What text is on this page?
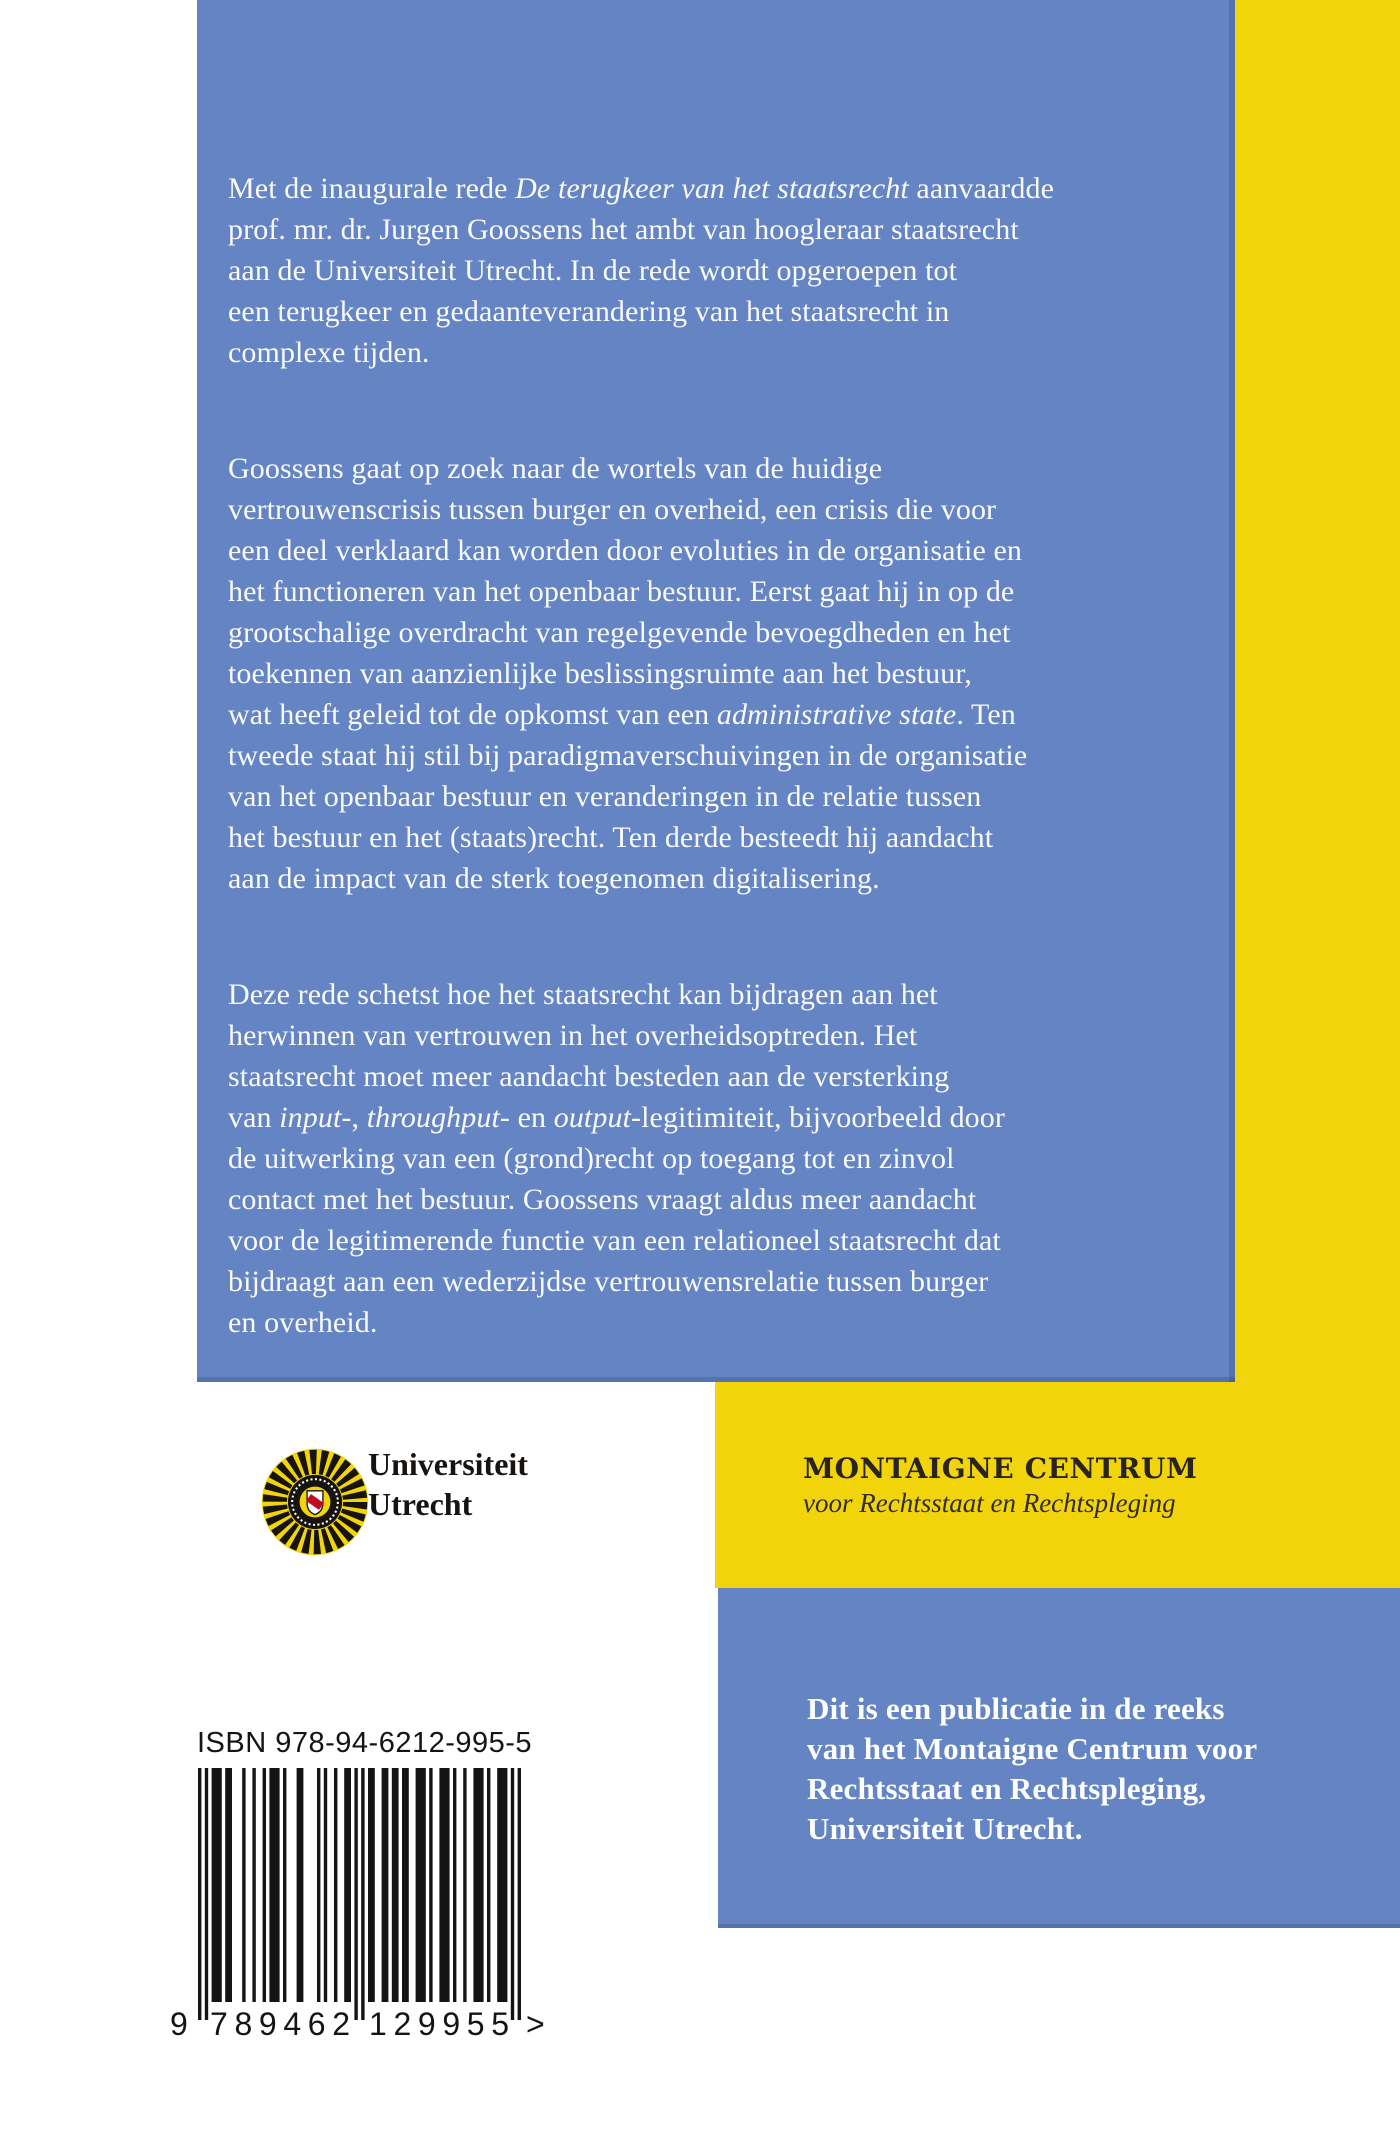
MONTAIGNE CENTRUM
voor Rechtsstaat en Rechtspleging
Met de inaugurale rede De terugkeer van het staatsrecht aanvaardde
prof. mr. dr. Jurgen Goossens het ambt van hoogleraar staatsrecht
aan de Universiteit Utrecht. In de rede wordt opgeroepen tot
een terugkeer en gedaanteverandering van het staatsrecht in
complexe tijden.
Goossens gaat op zoek naar de wortels van de huidige
vertrouwenscrisis tussen burger en overheid, een crisis die voor
een deel verklaard kan worden door evoluties in de organisatie en
het functioneren van het openbaar bestuur. Eerst gaat hij in op de
grootschalige overdracht van regelgevende bevoegdheden en het
toekennen van aanzienlijke beslissingsruimte aan het bestuur,
wat heeft geleid tot de opkomst van een administrative state. Ten
tweede staat hij stil bij paradigmaverschuivingen in de organisatie
van het openbaar bestuur en veranderingen in de relatie tussen
het bestuur en het (staats)recht. Ten derde besteedt hij aandacht
aan de impact van de sterk toegenomen digitalisering.
Deze rede schetst hoe het staatsrecht kan bijdragen aan het
herwinnen van vertrouwen in het overheidsoptreden. Het
staatsrecht moet meer aandacht besteden aan de versterking
van input-, throughput- en output-legitimiteit, bijvoorbeeld door
de uitwerking van een (grond)recht op toegang tot en zinvol
contact met het bestuur. Goossens vraagt aldus meer aandacht
voor de legitimerende functie van een relationeel staatsrecht dat
bijdraagt aan een wederzijdse vertrouwensrelatie tussen burger
en overheid.
Universiteit
Utrecht
Dit is een publicatie in de reeks
van het Montaigne Centrum voor
Rechtsstaat en Rechtspleging,
Universiteit Utrecht.
ISBN 978-94-6212-995-5
9 7 8 9 4 6 2 1 2 9 9 5 5 >
